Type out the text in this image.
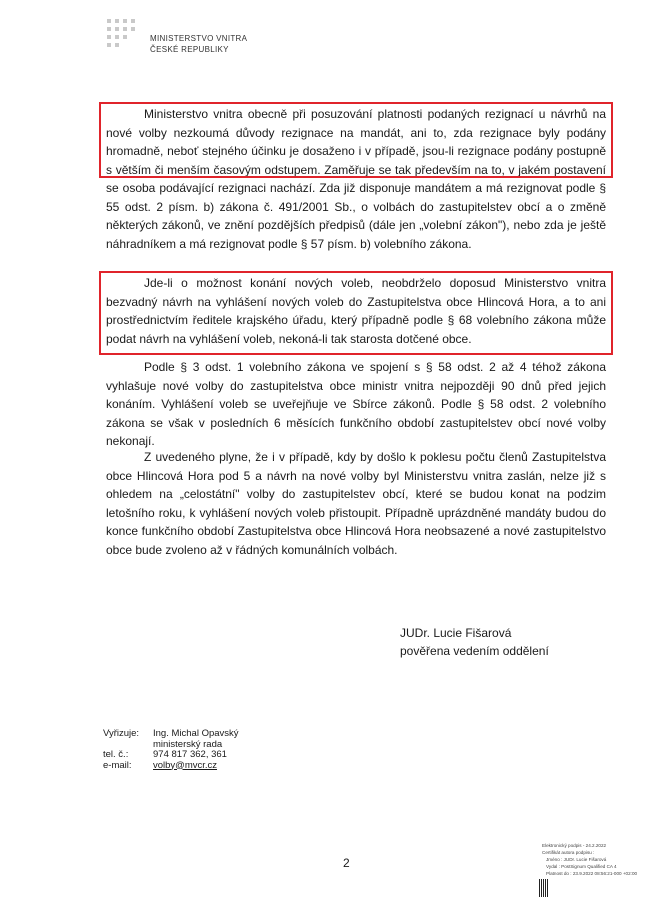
MINISTERSTVO VNITRA
ČESKÉ REPUBLIKY

Ministerstvo vnitra obecně při posuzování platnosti podaných rezignací u návrhů na nové volby nezkoumá důvody rezignace na mandát, ani to, zda rezignace byly podány hromadně, neboť stejného účinku je dosaženo i v případě, jsou-li rezignace podány postupně s větším či menším časovým odstupem. Zaměřuje se tak především na to, v jakém postavení se osoba podávající rezignaci nachází. Zda již disponuje mandátem a má rezignovat podle § 55 odst. 2 písm. b) zákona č. 491/2001 Sb., o volbách do zastupitelstev obcí a o změně některých zákonů, ve znění pozdějších předpisů (dále jen „volební zákon"), nebo zda je ještě náhradníkem a má rezignovat podle § 57 písm. b) volebního zákona.

Jde-li o možnost konání nových voleb, neobdrželo doposud Ministerstvo vnitra bezvadný návrh na vyhlášení nových voleb do Zastupitelstva obce Hlincová Hora, a to ani prostřednictvím ředitele krajského úřadu, který případně podle § 68 volebního zákona může podat návrh na vyhlášení voleb, nekoná-li tak starosta dotčené obce.

Podle § 3 odst. 1 volebního zákona ve spojení s § 58 odst. 2 až 4 téhož zákona vyhlašuje nové volby do zastupitelstva obce ministr vnitra nejpozději 90 dnů před jejich konáním. Vyhlášení voleb se uveřejňuje ve Sbírce zákonů. Podle § 58 odst. 2 volebního zákona se však v posledních 6 měsících funkčního období zastupitelstev obcí nové volby nekonají.

Z uvedeného plyne, že i v případě, kdy by došlo k poklesu počtu členů Zastupitelstva obce Hlincová Hora pod 5 a návrh na nové volby byl Ministerstvu vnitra zaslán, nelze již s ohledem na „celostátní" volby do zastupitelstev obcí, které se budou konat na podzim letošního roku, k vyhlášení nových voleb přistoupit. Případně uprázdněné mandáty budou do konce funkčního období Zastupitelstva obce Hlincová Hora neobsazené a nové zastupitelstvo obce bude zvoleno až v řádných komunálních volbách.

JUDr. Lucie Fišarová
pověřena vedením oddělení
Vyřizuje:	Ing. Michal Opavský
ministerský rada
tel. č.:	974 817 362, 361
e-mail:	volby@mvcr.cz
2
Elektronický podpis - 24.2.2022
Certifikát autora podpisu :
Jméno : JUDr. Lucie Fišarová
Vydal : PostSignum Qualified CA 4
Platnost do : 23.9.2022 08:56:21-000 +02:00
